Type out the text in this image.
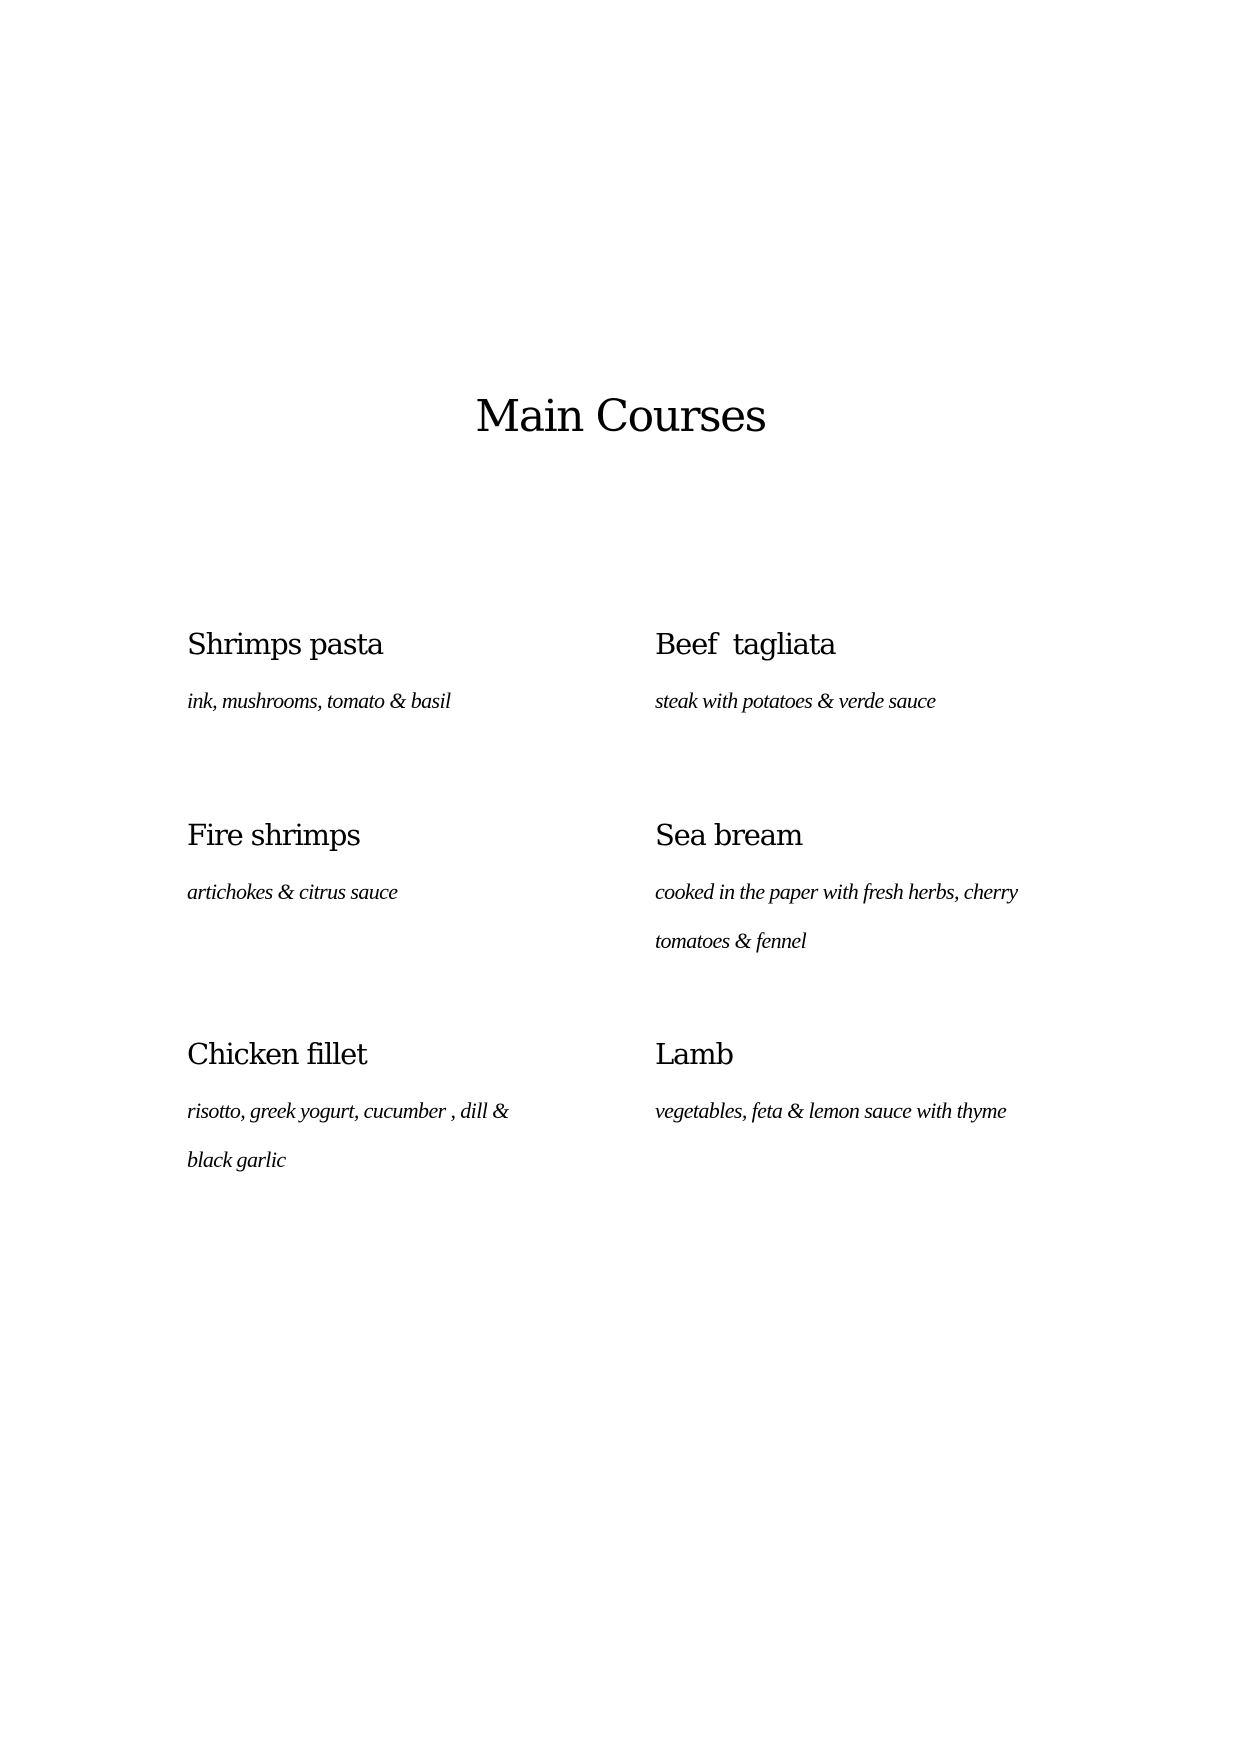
Main Courses
Shrimps pasta
ink, mushrooms, tomato & basil
Beef  tagliata
steak with potatoes & verde sauce
Fire shrimps
artichokes & citrus sauce
Sea bream
cooked in the paper with fresh herbs, cherry tomatoes & fennel
Chicken fillet
risotto, greek yogurt, cucumber , dill & black garlic
Lamb
vegetables, feta & lemon sauce with thyme
